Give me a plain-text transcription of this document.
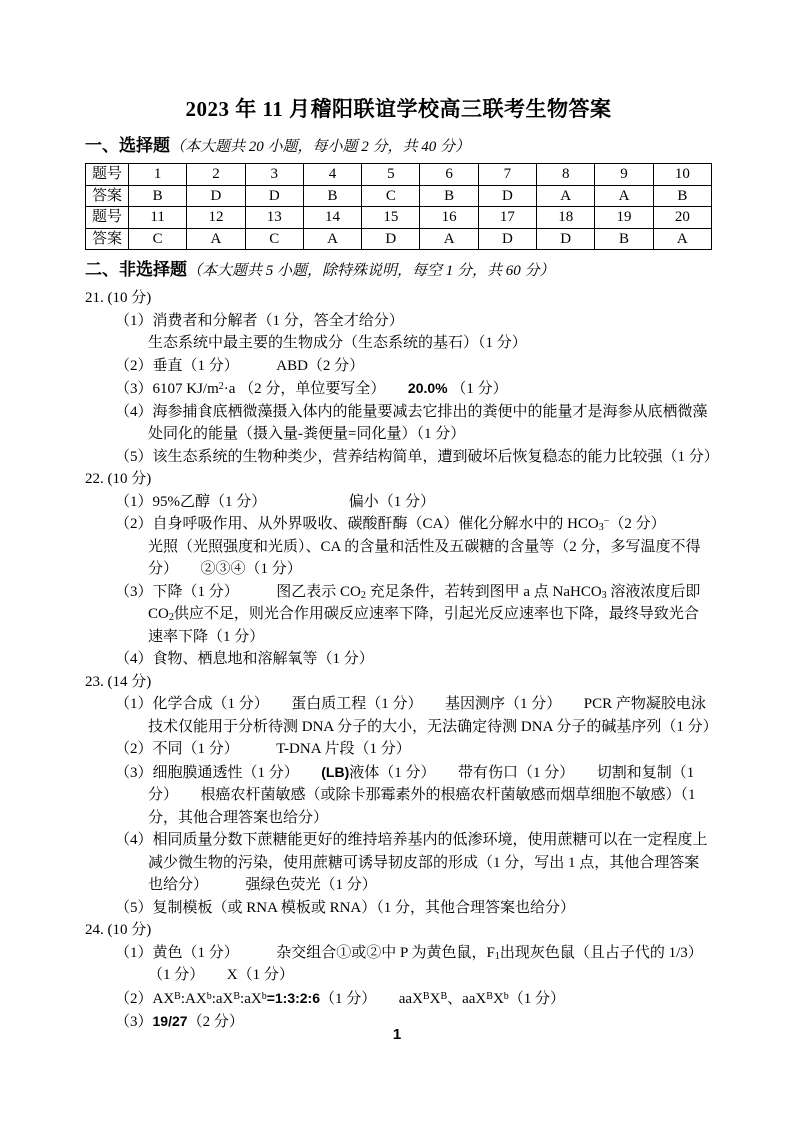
2023 年 11 月稽阳联谊学校高三联考生物答案
一、选择题（本大题共 20 小题，每小题 2 分，共 40 分）
题号	1	2	3	4	5	6	7	8	9	10
答案	B	D	D	B	C	B	D	A	A	B
题号	11	12	13	14	15	16	17	18	19	20
答案	C	A	C	A	D	A	D	D	B	A
二、非选择题（本大题共 5 小题，除特殊说明，每空 1 分，共 60 分）
21. (10 分)
（1）消费者和分解者（1 分，答全才给分）
生态系统中最主要的生物成分（生态系统的基石）（1 分）
（2）垂直（1 分）　　　ABD（2 分）
（3）6107 $KJ/m^2\cdot a$ （2 分，单位要写全）　　20.0% （1 分）
（4）海参捕食底栖微藻摄入体内的能量要减去它排出的粪便中的能量才是海参从底栖微藻处同化的能量（摄入量-粪便量=同化量）（1 分）
（5）该生态系统的生物种类少，营养结构简单，遭到破坏后恢复稳态的能力比较强（1 分）
22. (10 分)
（1）95%乙醇（1 分）　　　　　　偏小（1 分）
（2）自身呼吸作用、从外界吸收、碳酸酐酶（CA）催化分解水中的 $HCO_3^-(2$ 分）
光照（光照强度和光质）、CA 的含量和活性及五碳糖的含量等（2 分，多写温度不得分）　　②③④（1 分）
（3）下降（1 分）　　　图乙表示 $CO_2$ 充足条件，若转到图甲 a 点 NaHCO$_3$ 溶液浓度后即 $CO_2$供应不足，则光合作用碳反应速率下降，引起光反应速率也下降，最终导致光合速率下降（1 分）
（4）食物、栖息地和溶解氧等（1 分）
23. (14 分)
（1）化学合成（1 分）　　蛋白质工程（1 分）　　基因测序（1 分）　　PCR 产物凝胶电泳技术仅能用于分析待测 DNA 分子的大小，无法确定待测 DNA 分子的碱基序列（1 分）
（2）不同（1 分）　　　T-DNA 片段（1 分）
（3）细胞膜通透性（1 分）　　(LB)液体（1 分）　　带有伤口（1 分）　　切割和复制（1 分）　　根癌农杆菌敏感（或除卡那霉素外的根癌农杆菌敏感而烟草细胞不敏感）（1 分，其他合理答案也给分）
（4）相同质量分数下蔗糖能更好的维持培养基内的低渗环境，使用蔗糖可以在一定程度上减少微生物的污染，使用蔗糖可诱导韧皮部的形成（1 分，写出 1 点，其他合理答案也给分）　　　强绿色荧光（1 分）
（5）复制模板（或 RNA 模板或 RNA）（1 分，其他合理答案也给分）
24. (10 分)
（1）黄色（1 分）　　　杂交组合①或②中 P 为黄色鼠，$F_1$出现灰色鼠（且占子代的 1/3）（1 分）　　X（1 分）
$(2)AX^B:AX^b:aX^B:aX^b=1:3:2:6(1$ 分）　　$aaX^BX^B$、$aaX^BX^b(1$ 分）
（3）19/27（2 分）
1
